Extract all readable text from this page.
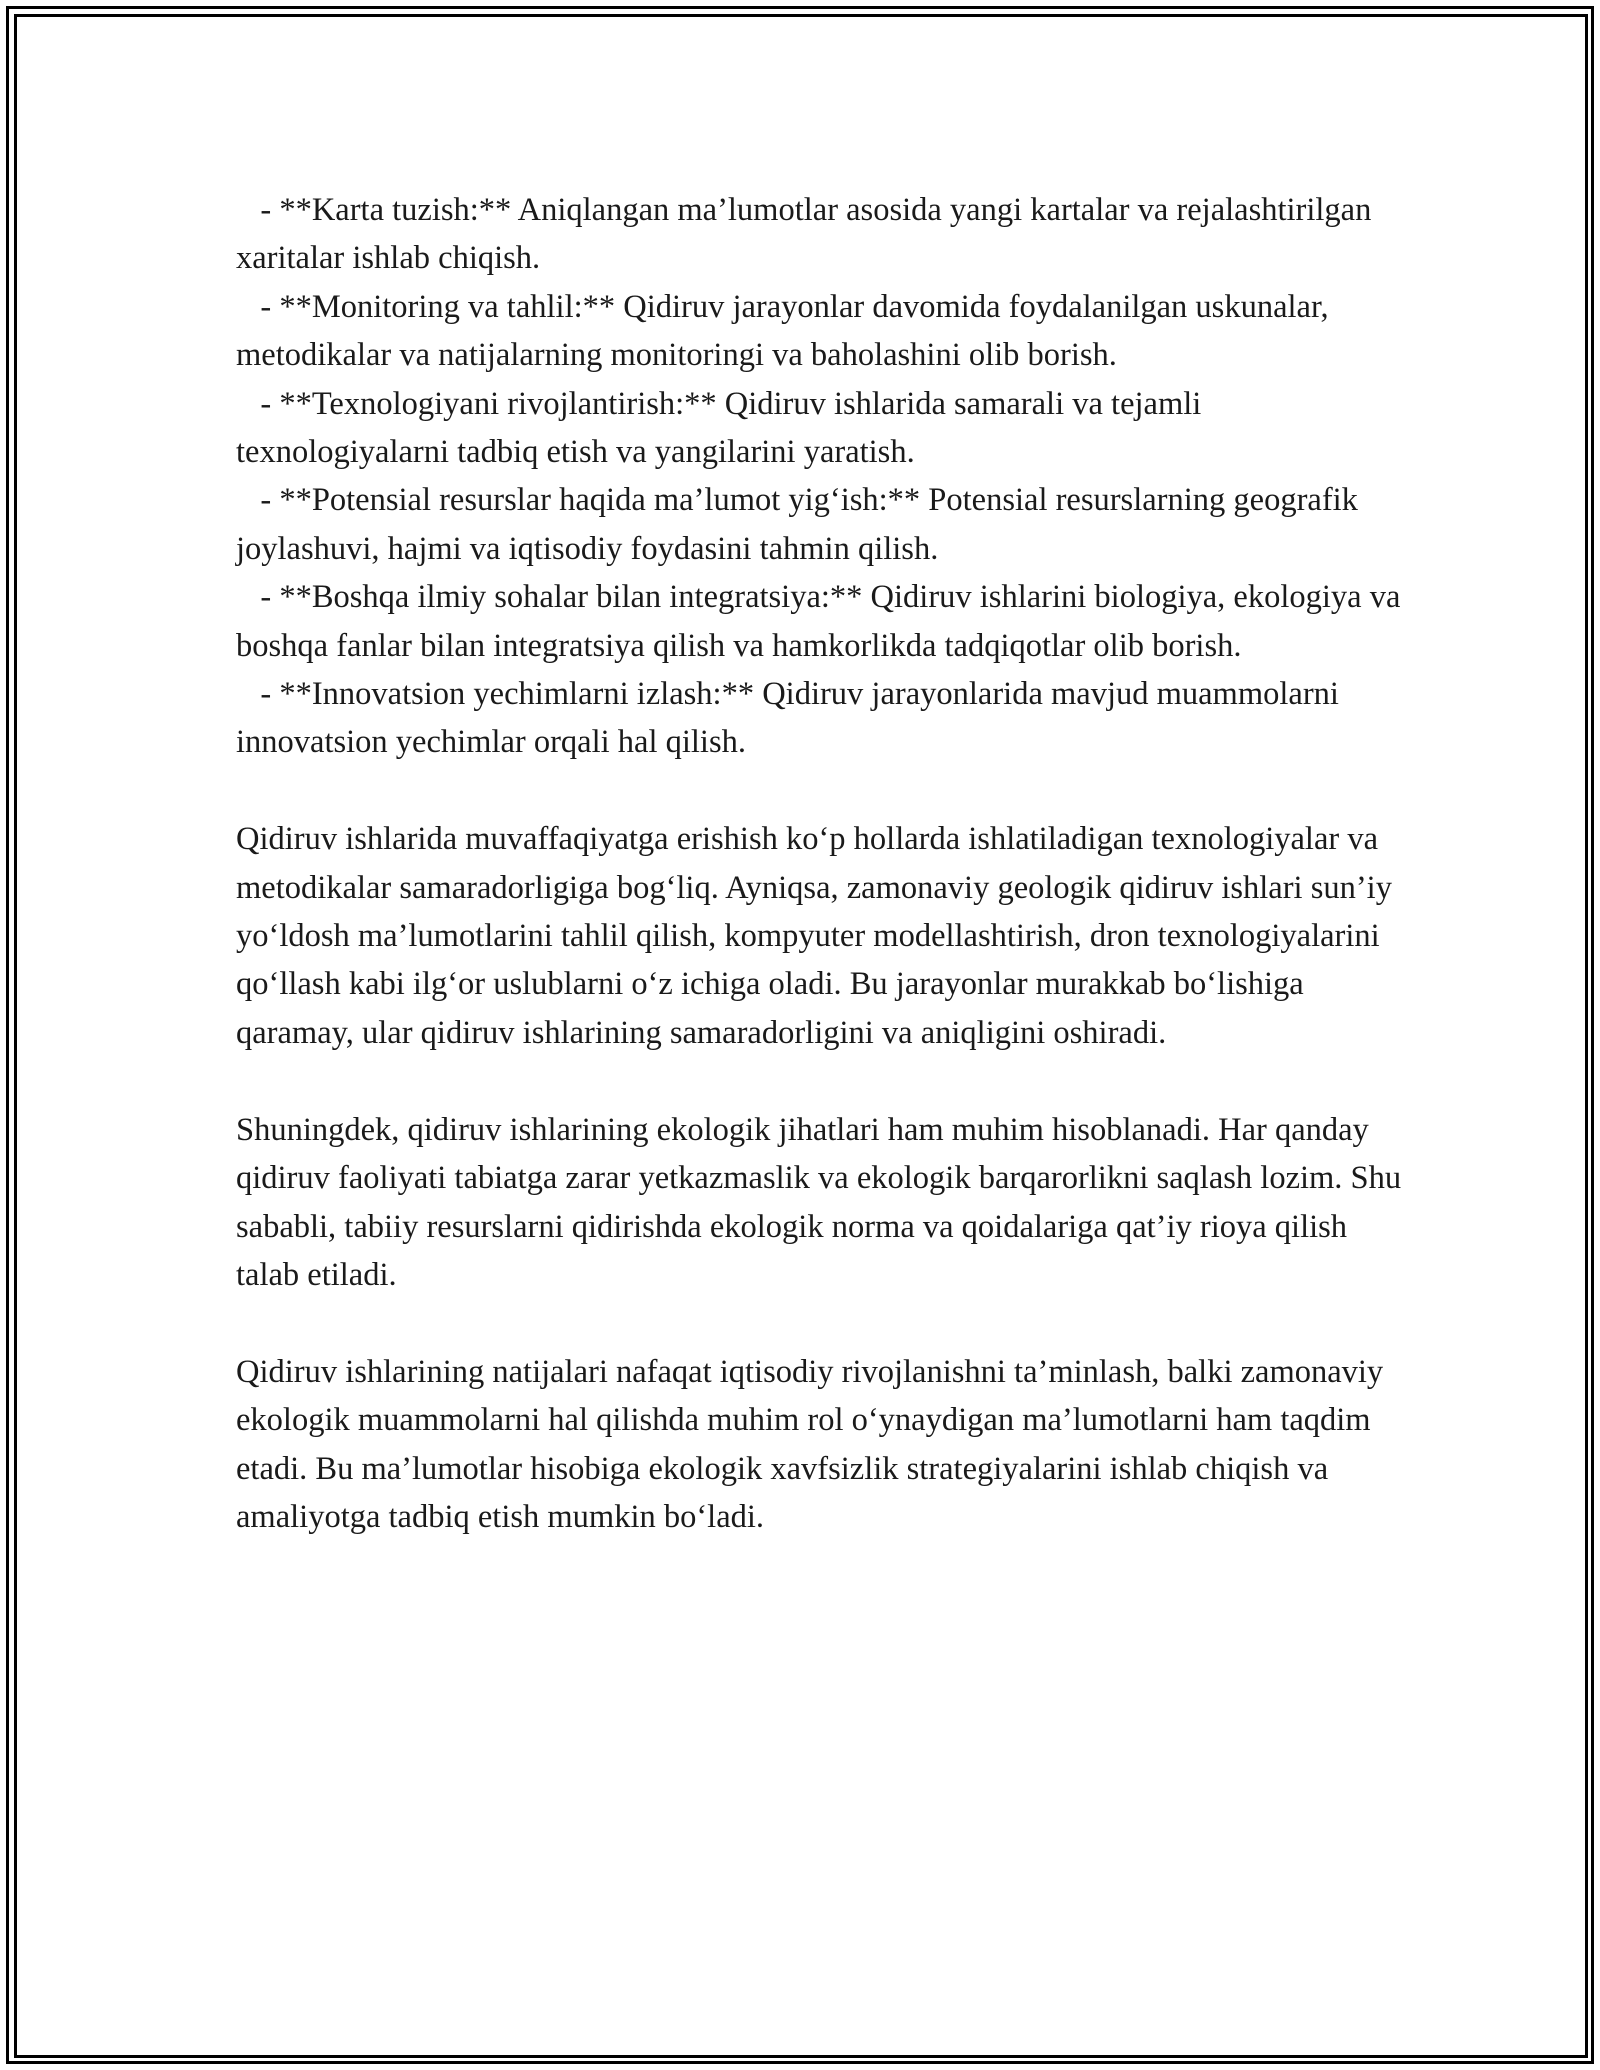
- **Karta tuzish:** Aniqlangan ma’lumotlar asosida yangi kartalar va rejalashtirilgan xaritalar ishlab chiqish.

- **Monitoring va tahlil:** Qidiruv jarayonlar davomida foydalanilgan uskunalar, metodikalar va natijalarning monitoringi va baholashini olib borish.

- **Texnologiyani rivojlantirish:** Qidiruv ishlarida samarali va tejamli texnologiyalarni tadbiq etish va yangilarini yaratish.

- **Potensial resurslar haqida ma’lumot yig‘ish:** Potensial resurslarning geografik joylashuvi, hajmi va iqtisodiy foydasini tahmin qilish.

- **Boshqa ilmiy sohalar bilan integratsiya:** Qidiruv ishlarini biologiya, ekologiya va boshqa fanlar bilan integratsiya qilish va hamkorlikda tadqiqotlar olib borish.

- **Innovatsion yechimlarni izlash:** Qidiruv jarayonlarida mavjud muammolarni innovatsion yechimlar orqali hal qilish.

Qidiruv ishlarida muvaffaqiyatga erishish ko‘p hollarda ishlatiladigan texnologiyalar va metodikalar samaradorligiga bog‘liq. Ayniqsa, zamonaviy geologik qidiruv ishlari sun’iy yo‘ldosh ma’lumotlarini tahlil qilish, kompyuter modellashtirish, dron texnologiyalarini qo‘llash kabi ilg‘or uslublarni o‘z ichiga oladi. Bu jarayonlar murakkab bo‘lishiga qaramay, ular qidiruv ishlarining samaradorligini va aniqligini oshiradi.

Shuningdek, qidiruv ishlarining ekologik jihatlari ham muhim hisoblanadi. Har qanday qidiruv faoliyati tabiatga zarar yetkazmaslik va ekologik barqarorlikni saqlash lozim. Shu sababli, tabiiy resurslarni qidirishda ekologik norma va qoidalariga qat’iy rioya qilish talab etiladi.

Qidiruv ishlarining natijalari nafaqat iqtisodiy rivojlanishni ta’minlash, balki zamonaviy ekologik muammolarni hal qilishda muhim rol o‘ynaydigan ma’lumotlarni ham taqdim etadi. Bu ma’lumotlar hisobiga ekologik xavfsizlik strategiyalarini ishlab chiqish va amaliyotga tadbiq etish mumkin bo‘ladi.
